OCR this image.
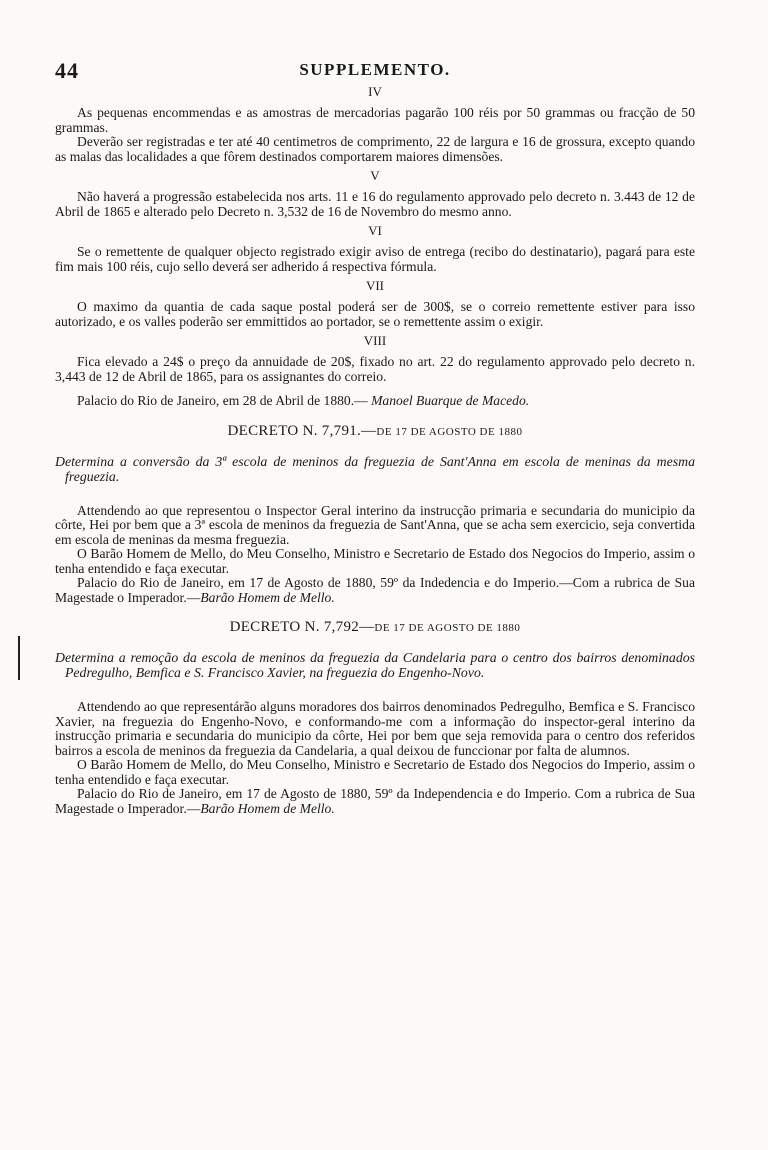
44	SUPPLEMENTO.
IV

As pequenas encommendas e as amostras de mercadorias pagarão 100 réis por 50 grammas ou fracção de 50 grammas.

Deverão ser registradas e ter até 40 centimetros de comprimento, 22 de largura e 16 de grossura, excepto quando as malas das localidades a que fôrem destinados comportarem maiores dimensões.

V

Não haverá a progressão estabelecida nos arts. 11 e 16 do regulamento approvado pelo decreto n. 3.443 de 12 de Abril de 1865 e alterado pelo Decreto n. 3,532 de 16 de Novembro do mesmo anno.

VI

Se o remettente de qualquer objecto registrado exigir aviso de entrega (recibo do destinatario), pagará para este fim mais 100 réis, cujo sello deverá ser adherido á respectiva fórmula.

VII

O maximo da quantia de cada saque postal poderá ser de 300$, se o correio remettente estiver para isso autorizado, e os valles poderão ser emmittidos ao portador, se o remettente assim o exigir.

VIII

Fica elevado a 24$ o preço da annuidade de 20$, fixado no art. 22 do regulamento approvado pelo decreto n. 3,443 de 12 de Abril de 1865, para os assignantes do correio.

Palacio do Rio de Janeiro, em 28 de Abril de 1880.— Manoel Buarque de Macedo.

DECRETO N. 7,791.—DE 17 DE AGOSTO DE 1880
Determina a conversão da 3ª escola de meninos da freguezia de Sant'Anna em escola de meninas da mesma freguezia.

Attendendo ao que representou o Inspector Geral interino da instrucção primaria e secundaria do municipio da côrte, Hei por bem que a 3ª escola de meninos da freguezia de Sant'Anna, que se acha sem exercicio, seja convertida em escola de meninas da mesma freguezia.

O Barão Homem de Mello, do Meu Conselho, Ministro e Secretario de Estado dos Negocios do Imperio, assim o tenha entendido e faça executar.

Palacio do Rio de Janeiro, em 17 de Agosto de 1880, 59º da Indedencia e do Imperio.—Com a rubrica de Sua Magestade o Imperador.—Barão Homem de Mello.

DECRETO N. 7,792—DE 17 DE AGOSTO DE 1880
Determina a remoção da escola de meninos da freguezia da Candelaria para o centro dos bairros denominados Pedregulho, Bemfica e S. Francisco Xavier, na freguezia do Engenho-Novo.

Attendendo ao que representárão alguns moradores dos bairros denominados Pedregulho, Bemfica e S. Francisco Xavier, na freguezia do Engenho-Novo, e conformando-me com a informação do inspector-geral interino da instrucção primaria e secundaria do municipio da côrte, Hei por bem que seja removida para o centro dos referidos bairros a escola de meninos da freguezia da Candelaria, a qual deixou de funccionar por falta de alumnos.

O Barão Homem de Mello, do Meu Conselho, Ministro e Secretario de Estado dos Negocios do Imperio, assim o tenha entendido e faça executar.

Palacio do Rio de Janeiro, em 17 de Agosto de 1880, 59º da Independencia e do Imperio. Com a rubrica de Sua Magestade o Imperador.—Barão Homem de Mello.
